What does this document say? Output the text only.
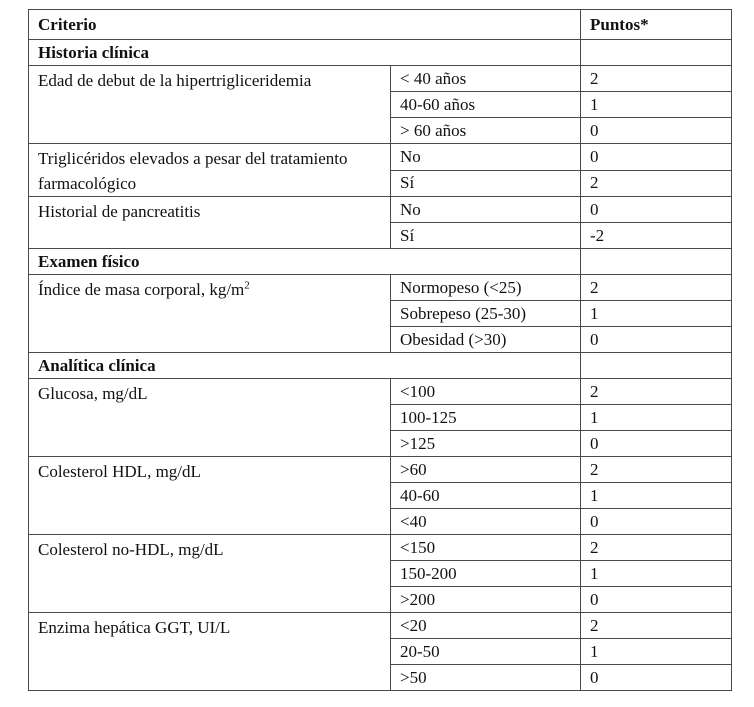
Criterio		Puntos*
Historia clínica		
Edad de debut de la hipertrigliceridemia	< 40 años	2
	40-60 años	1
	> 60 años	0
Triglicéridos elevados a pesar del tratamiento farmacológico	No	0
	Sí	2
Historial de pancreatitis	No	0
	Sí	-2
Examen físico		
Índice de masa corporal, $kg/m^2$	Normopeso (<25)	2
	Sobrepeso (25-30)	1
	Obesidad (>30)	0
Analítica clínica		
Glucosa, mg/dL	<100	2
	100-125	1
	>125	0
Colesterol HDL, mg/dL	>60	2
	40-60	1
	<40	0
Colesterol no-HDL, mg/dL	<150	2
	150-200	1
	>200	0
Enzima hepática GGT, UI/L	<20	2
	20-50	1
	>50	0
